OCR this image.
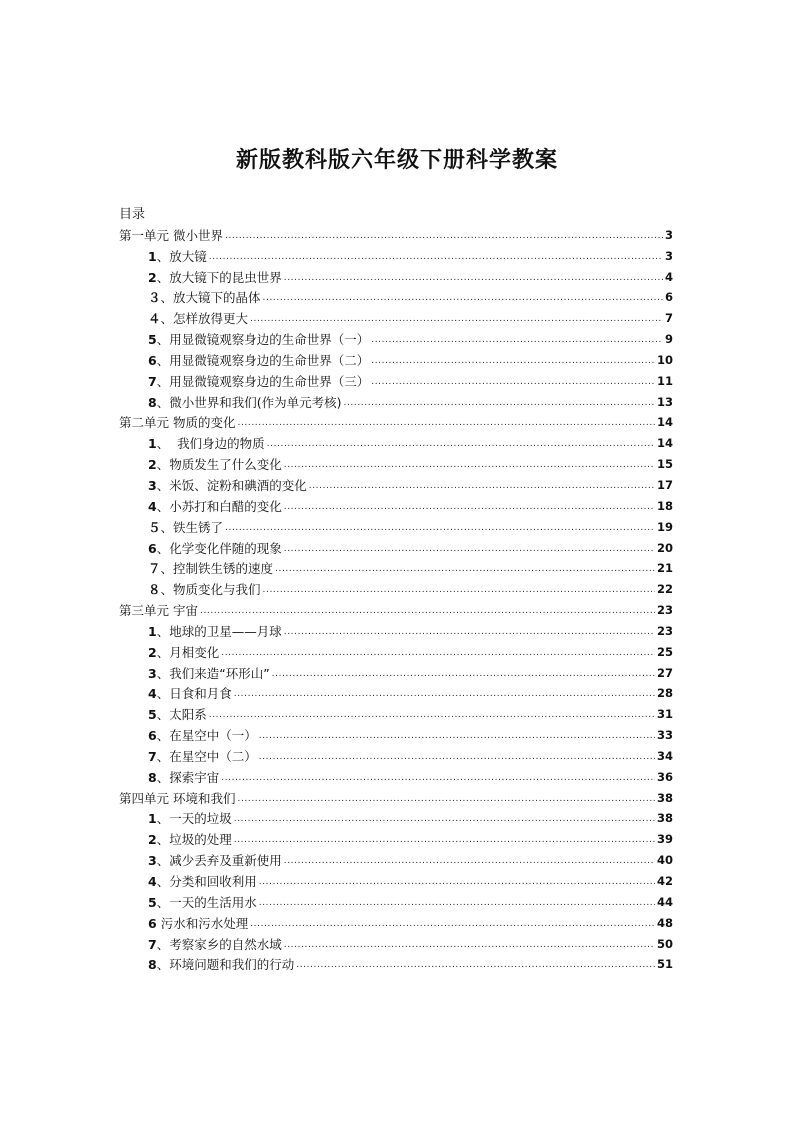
新版教科版六年级下册科学教案
目录
第一单元 微小世界 .....	3
1、放大镜 .....	3
2、放大镜下的昆虫世界 .....	4
３、放大镜下的晶体 .....	6
４、怎样放得更大 .....	7
5、用显微镜观察身边的生命世界（一） .....	9
6、用显微镜观察身边的生命世界（二） .....	10
7、用显微镜观察身边的生命世界（三） .....	11
8、微小世界和我们(作为单元考核) .....	13
第二单元 物质的变化 .....	14
1、  我们身边的物质 .....	14
2、物质发生了什么变化 .....	15
3、米饭、淀粉和碘酒的变化 .....	17
4、小苏打和白醋的变化 .....	18
５、铁生锈了 .....	19
6、化学变化伴随的现象 .....	20
７、控制铁生锈的速度 .....	21
８、物质变化与我们 .....	22
第三单元 宇宙 .....	23
1、地球的卫星——月球 .....	23
2、月相变化 .....	25
3、我们来造“环形山” .....	27
4、日食和月食 .....	28
5、太阳系 .....	31
6、在星空中（一） .....	33
7、在星空中（二） .....	34
8、探索宇宙 .....	36
第四单元 环境和我们 .....	38
1、一天的垃圾 .....	38
2、垃圾的处理 .....	39
3、减少丢弃及重新使用 .....	40
4、分类和回收利用 .....	42
5、一天的生活用水 .....	44
6 污水和污水处理 .....	48
7、考察家乡的自然水域 .....	50
8、环境问题和我们的行动 .....	51
